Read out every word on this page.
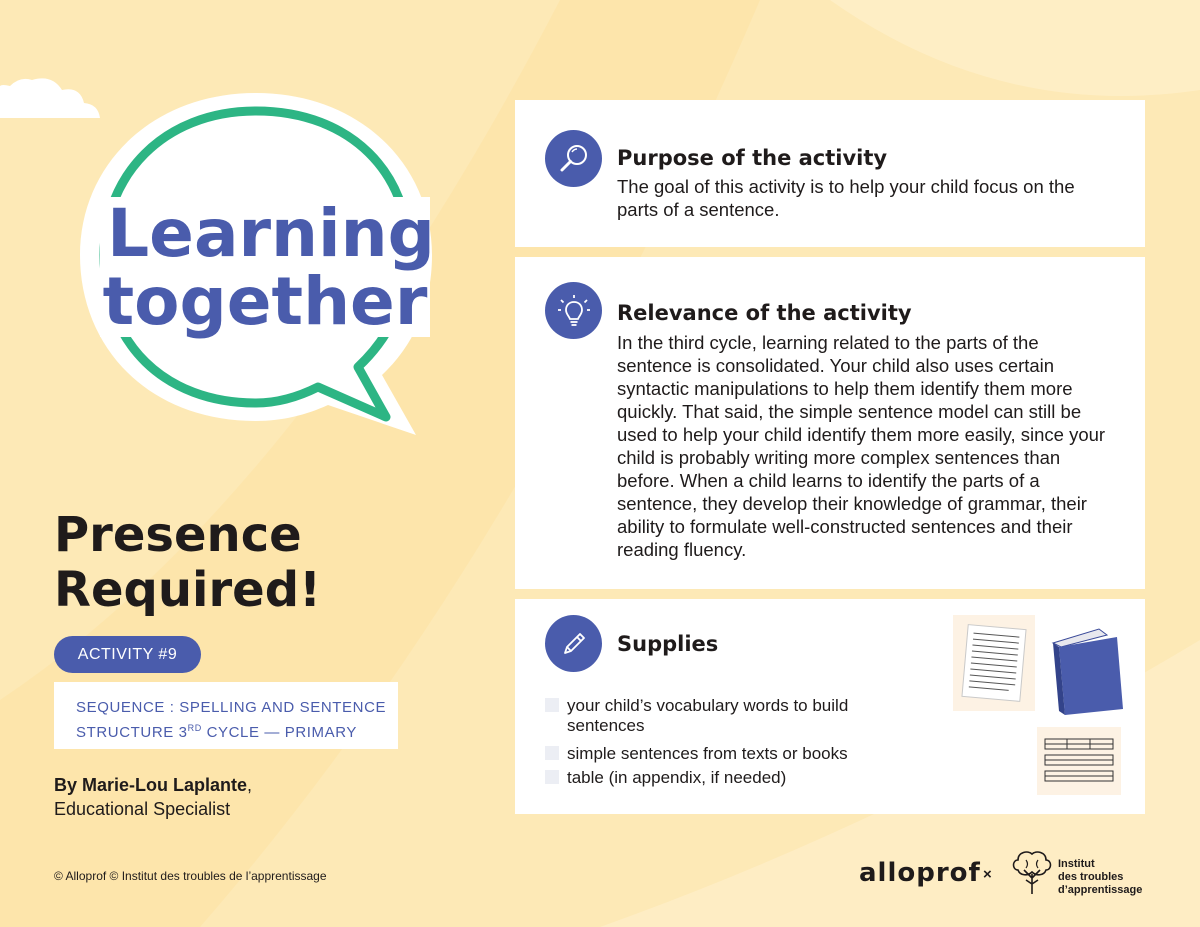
Learning
together
Presence
Required!
ACTIVITY #9
SEQUENCE : SPELLING AND SENTENCE
STRUCTURE 3RD CYCLE — PRIMARY
By Marie-Lou Laplante,
Educational Specialist
© Alloprof © Institut des troubles de l’apprentissage
Purpose of the activity
The goal of this activity is to help your child focus on the parts of a sentence.
Relevance of the activity
In the third cycle, learning related to the parts of the sentence is consolidated. Your child also uses certain syntactic manipulations to help them identify them more quickly. That said, the simple sentence model can still be used to help your child identify them more easily, since your child is probably writing more complex sentences than before. When a child learns to identify the parts of a sentence, they develop their knowledge of grammar, their ability to formulate well-constructed sentences and their reading fluency.
Supplies
your child’s vocabulary words to build sentences
simple sentences from texts or books
table (in appendix, if needed)
alloprof ×
Institut
des troubles
d’apprentissage
